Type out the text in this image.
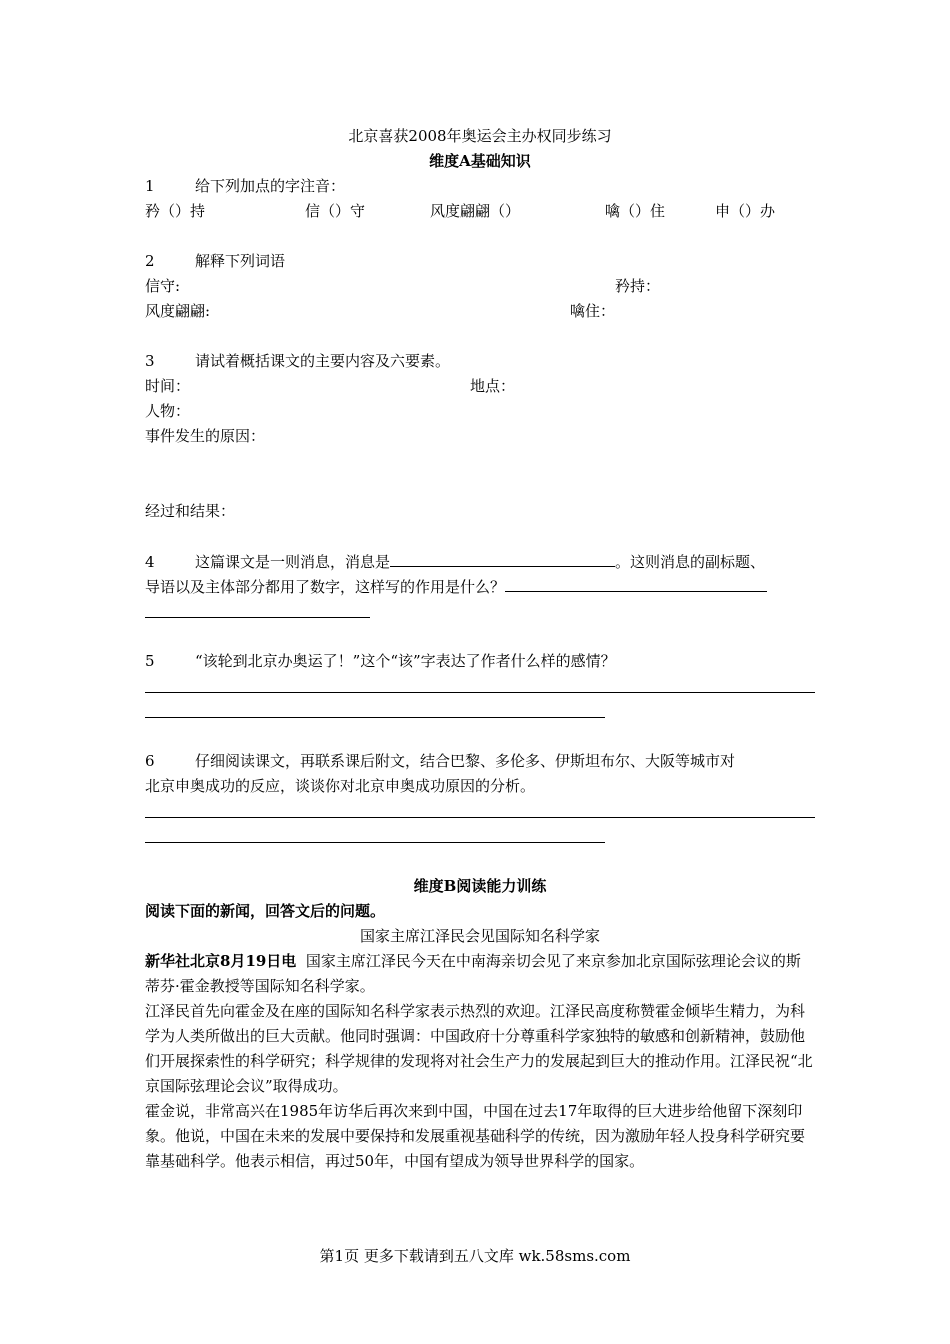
北京喜获2008年奥运会主办权同步练习
维度A基础知识
1	给下列加点的字注音：
矜（）持	信（）守	风度翩翩（）	噙（）住	申（）办
2	解释下列词语
信守:	矜持：
风度翩翩:	噙住：
3	请试着概括课文的主要内容及六要素。
时间：	地点：
人物：
事件发生的原因：
经过和结果：
4	这篇课文是一则消息，消息是	。这则消息的副标题、
导语以及主体部分都用了数字，这样写的作用是什么？
5	“该轮到北京办奥运了！”这个“该”字表达了作者什么样的感情？
6	仔细阅读课文，再联系课后附文，结合巴黎、多伦多、伊斯坦布尔、大阪等城市对
北京申奥成功的反应，谈谈你对北京申奥成功原因的分析。
维度B阅读能力训练
阅读下面的新闻，回答文后的问题。
国家主席江泽民会见国际知名科学家
新华社北京8月19日电 国家主席江泽民今天在中南海亲切会见了来京参加北京国际弦理论会议的斯蒂芬·霍金教授等国际知名科学家。
江泽民首先向霍金及在座的国际知名科学家表示热烈的欢迎。江泽民高度称赞霍金倾毕生精力，为科学为人类所做出的巨大贡献。他同时强调：中国政府十分尊重科学家独特的敏感和创新精神，鼓励他们开展探索性的科学研究；科学规律的发现将对社会生产力的发展起到巨大的推动作用。江泽民祝“北京国际弦理论会议”取得成功。
霍金说，非常高兴在1985年访华后再次来到中国，中国在过去17年取得的巨大进步给他留下深刻印象。他说，中国在未来的发展中要保持和发展重视基础科学的传统，因为激励年轻人投身科学研究要靠基础科学。他表示相信，再过50年，中国有望成为领导世界科学的国家。
第1页 更多下载请到五八文库 wk.58sms.com
